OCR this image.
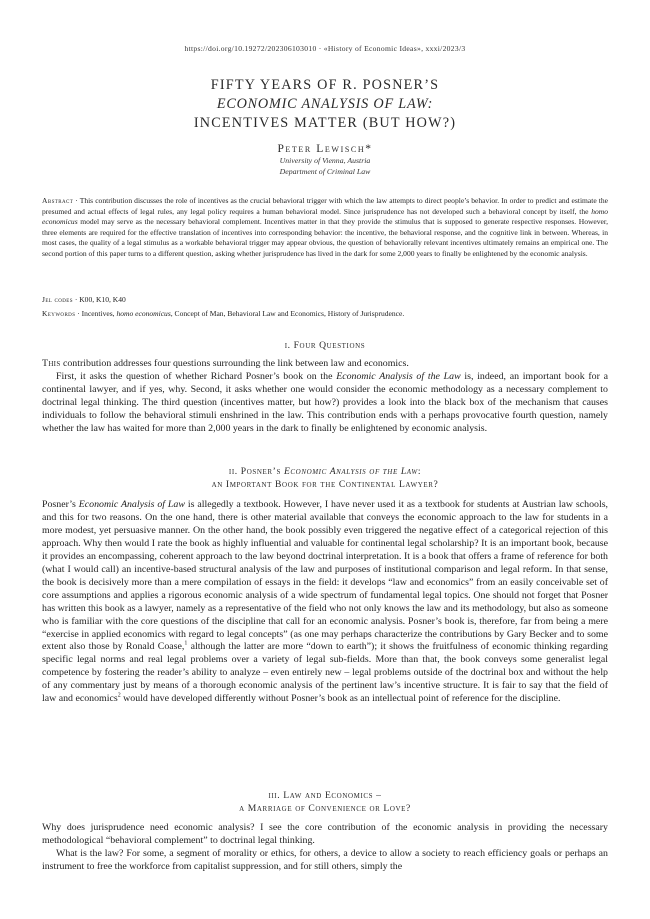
https://doi.org/10.19272/202306103010 · «History of Economic Ideas», xxxi/2023/3
FIFTY YEARS OF R. POSNER’S
ECONOMIC ANALYSIS OF LAW:
INCENTIVES MATTER (BUT HOW?)
Peter Lewisch*
University of Vienna, Austria
Department of Criminal Law
Abstract · This contribution discusses the role of incentives as the crucial behavioral trigger with which the law attempts to direct people’s behavior. In order to predict and estimate the presumed and actual effects of legal rules, any legal policy requires a human behavioral model. Since jurisprudence has not developed such a behavioral concept by itself, the homo economicus model may serve as the necessary behavioral complement. Incentives matter in that they provide the stimulus that is supposed to generate respective responses. However, three elements are required for the effective translation of incentives into corresponding behavior: the incentive, the behavioral response, and the cognitive link in between. Whereas, in most cases, the quality of a legal stimulus as a workable behavioral trigger may appear obvious, the question of behaviorally relevant incentives ultimately remains an empirical one. The second portion of this paper turns to a different question, asking whether jurisprudence has lived in the dark for some 2,000 years to finally be enlightened by the economic analysis.
Jel codes · K00, K10, K40
Keywords · Incentives, homo economicus, Concept of Man, Behavioral Law and Economics, History of Jurisprudence.
i. Four Questions

This contribution addresses four questions surrounding the link between law and economics.

First, it asks the question of whether Richard Posner’s book on the Economic Analysis of the Law is, indeed, an important book for a continental lawyer, and if yes, why. Second, it asks whether one would consider the economic methodology as a necessary complement to doctrinal legal thinking. The third question (incentives matter, but how?) provides a look into the black box of the mechanism that causes individuals to follow the behavioral stimuli enshrined in the law. This contribution ends with a perhaps provocative fourth question, namely whether the law has waited for more than 2,000 years in the dark to finally be enlightened by economic analysis.

ii. Posner’s Economic Analysis of the Law:
an Important Book for the Continental Lawyer?

Posner’s Economic Analysis of Law is allegedly a textbook. However, I have never used it as a textbook for students at Austrian law schools, and this for two reasons. On the one hand, there is other material available that conveys the economic approach to the law for students in a more modest, yet persuasive manner. On the other hand, the book possibly even triggered the negative effect of a categorical rejection of this approach. Why then would I rate the book as highly influential and valuable for continental legal scholarship? It is an important book, because it provides an encompassing, coherent approach to the law beyond doctrinal interpretation. It is a book that offers a frame of reference for both (what I would call) an incentive-based structural analysis of the law and purposes of institutional comparison and legal reform. In that sense, the book is decisively more than a mere compilation of essays in the field: it develops “law and economics” from an easily conceivable set of core assumptions and applies a rigorous economic analysis of a wide spectrum of fundamental legal topics. One should not forget that Posner has written this book as a lawyer, namely as a representative of the field who not only knows the law and its methodology, but also as someone who is familiar with the core questions of the discipline that call for an economic analysis. Posner’s book is, therefore, far from being a mere “exercise in applied economics with regard to legal concepts” (as one may perhaps characterize the contributions by Gary Becker and to some extent also those by Ronald Coase,$^1$ although the latter are more “down to earth”); it shows the fruitfulness of economic thinking regarding specific legal norms and real legal problems over a variety of legal sub-fields. More than that, the book conveys some generalist legal competence by fostering the reader’s ability to analyze – even entirely new – legal problems outside of the doctrinal box and without the help of any commentary just by means of a thorough economic analysis of the pertinent law’s incentive structure. It is fair to say that the field of law and economics$^2$ would have developed differently without Posner’s book as an intellectual point of reference for the discipline.

iii. Law and Economics –
a Marriage of Convenience or Love?

Why does jurisprudence need economic analysis? I see the core contribution of the economic analysis in providing the necessary methodological “behavioral complement” to doctrinal legal thinking.

What is the law? For some, a segment of morality or ethics, for others, a device to allow a society to reach efficiency goals or perhaps an instrument to free the workforce from capitalist suppression, and for still others, simply the
